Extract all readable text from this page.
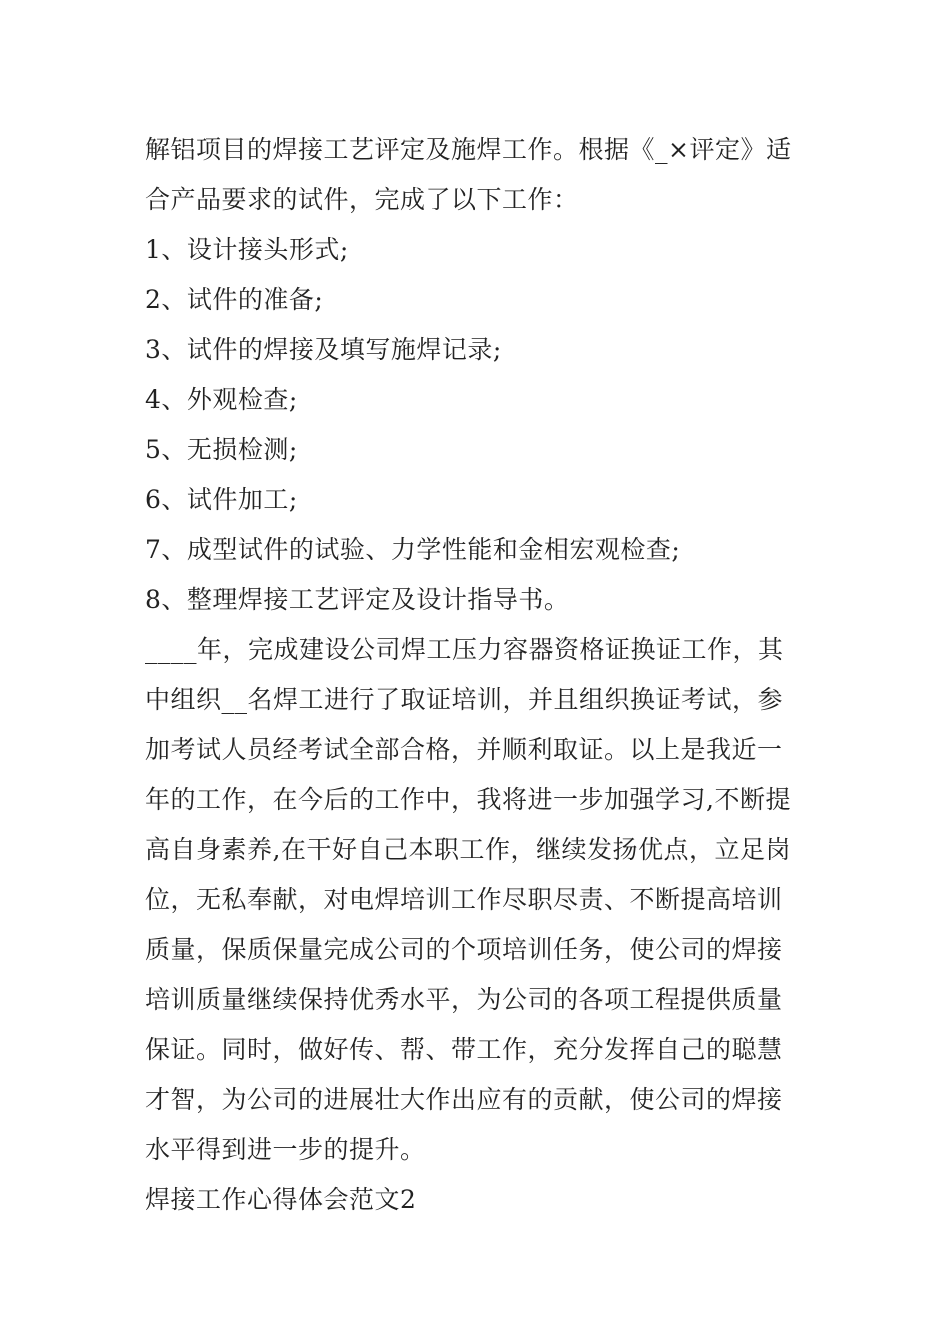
解铝项目的焊接工艺评定及施焊工作。根据《_×评定》适
合产品要求的试件，完成了以下工作：
1、设计接头形式;
2、试件的准备;
3、试件的焊接及填写施焊记录;
4、外观检查;
5、无损检测;
6、试件加工;
7、成型试件的试验、力学性能和金相宏观检查;
8、整理焊接工艺评定及设计指导书。
____年，完成建设公司焊工压力容器资格证换证工作，其
中组织__名焊工进行了取证培训，并且组织换证考试，参
加考试人员经考试全部合格，并顺利取证。以上是我近一
年的工作，在今后的工作中，我将进一步加强学习,不断提
高自身素养,在干好自己本职工作，继续发扬优点，立足岗
位，无私奉献，对电焊培训工作尽职尽责、不断提高培训
质量，保质保量完成公司的个项培训任务，使公司的焊接
培训质量继续保持优秀水平，为公司的各项工程提供质量
保证。同时，做好传、帮、带工作，充分发挥自己的聪慧
才智，为公司的进展壮大作出应有的贡献，使公司的焊接
水平得到进一步的提升。
焊接工作心得体会范文2
